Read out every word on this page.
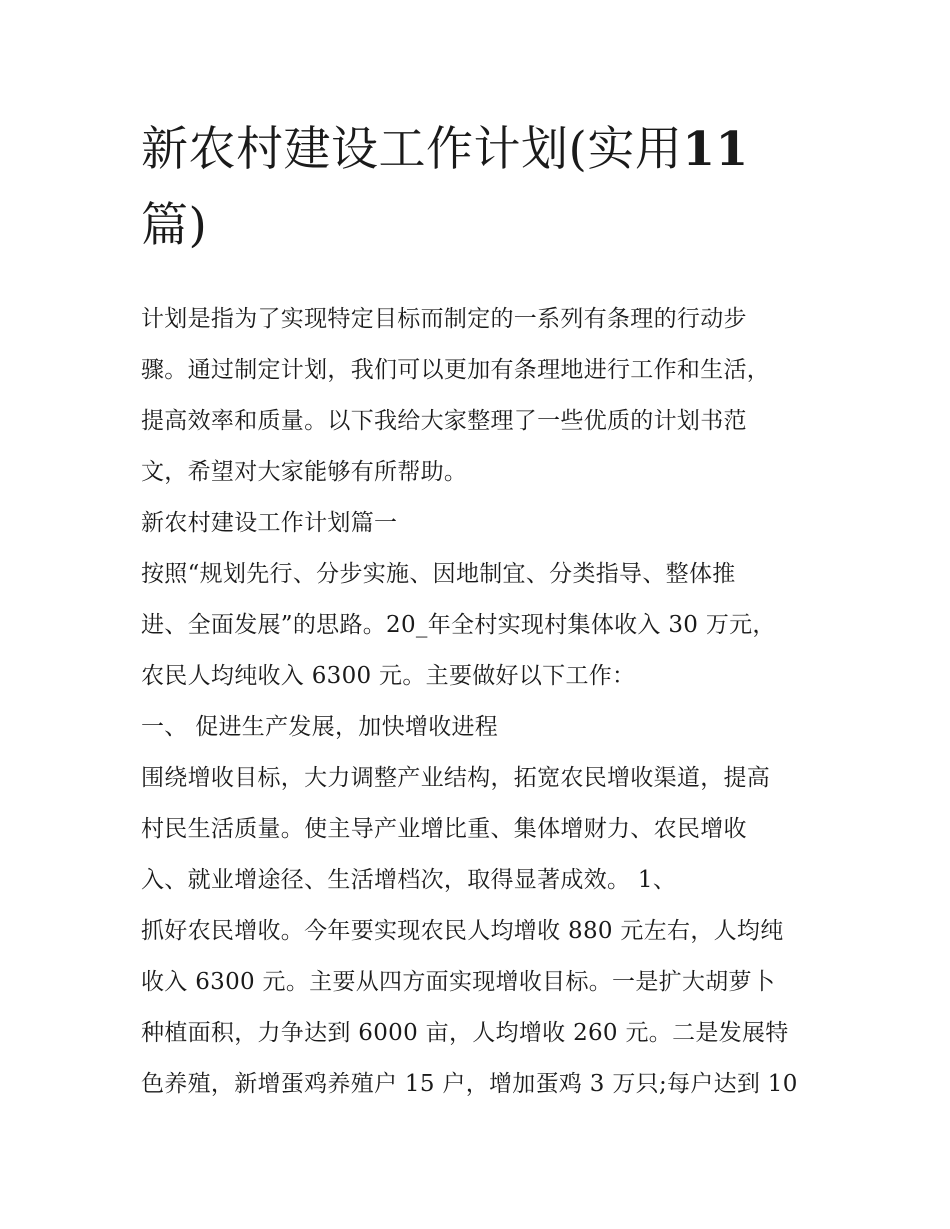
新农村建设工作计划(实用11
篇)
计划是指为了实现特定目标而制定的一系列有条理的行动步
骤。通过制定计划，我们可以更加有条理地进行工作和生活，
提高效率和质量。以下我给大家整理了一些优质的计划书范
文，希望对大家能够有所帮助。
新农村建设工作计划篇一
按照“规划先行、分步实施、因地制宜、分类指导、整体推
进、全面发展”的思路。20_年全村实现村集体收入 30 万元，
农民人均纯收入 6300 元。主要做好以下工作：
一、 促进生产发展，加快增收进程
围绕增收目标，大力调整产业结构，拓宽农民增收渠道，提高
村民生活质量。使主导产业增比重、集体增财力、农民增收
入、就业增途径、生活增档次，取得显著成效。 1、
抓好农民增收。今年要实现农民人均增收 880 元左右，人均纯
收入 6300 元。主要从四方面实现增收目标。一是扩大胡萝卜
种植面积，力争达到 6000 亩，人均增收 260 元。二是发展特
色养殖，新增蛋鸡养殖户 15 户，增加蛋鸡 3 万只;每户达到 10
